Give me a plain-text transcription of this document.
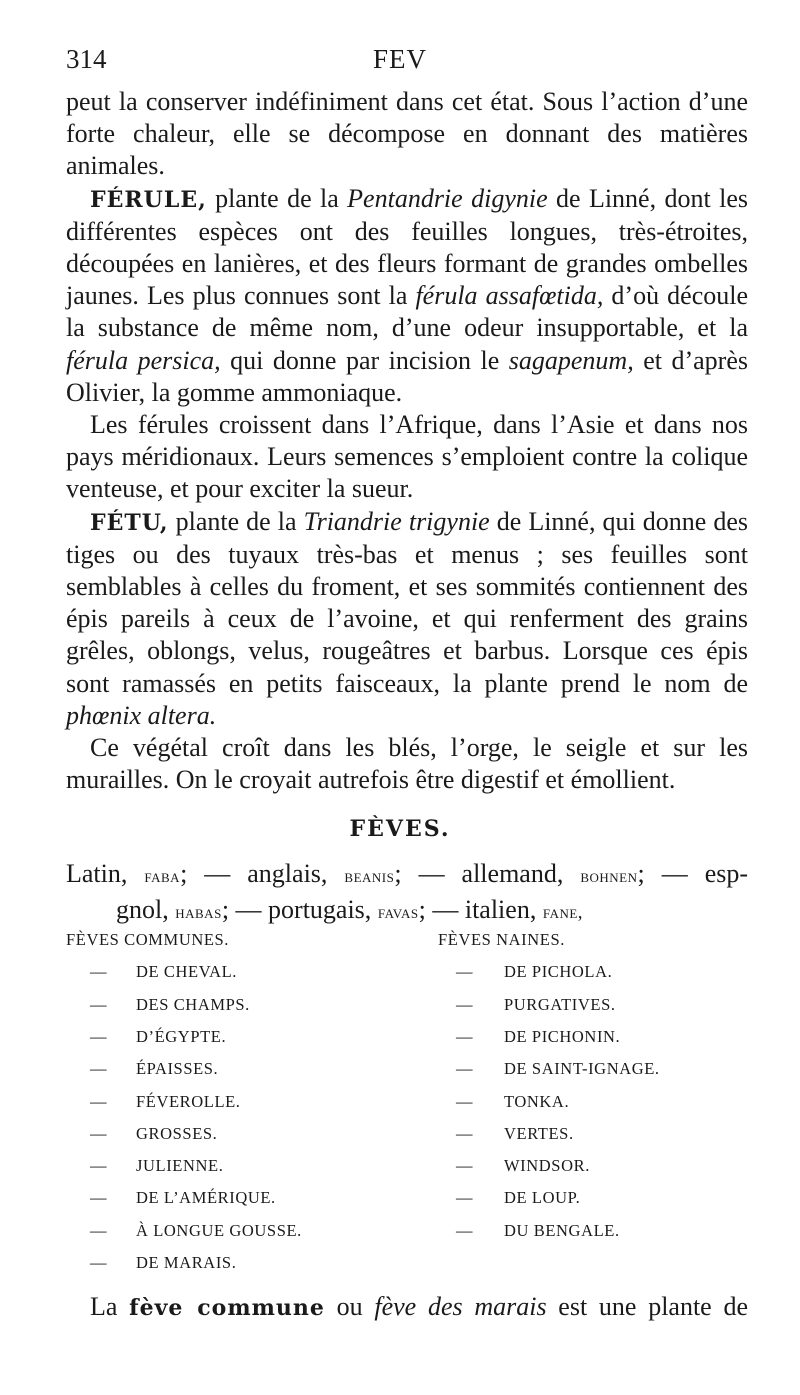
314	FEV

peut la conserver indéfiniment dans cet état. Sous l’action d’une forte chaleur, elle se décompose en donnant des matières animales.

FÉRULE, plante de la Pentandrie digynie de Linné, dont les différentes espèces ont des feuilles longues, très-étroites, découpées en lanières, et des fleurs formant de grandes ombelles jaunes. Les plus connues sont la férula assafœtida, d’où découle la substance de même nom, d’une odeur insupportable, et la férula persica, qui donne par incision le sagapenum, et d’après Olivier, la gomme ammoniaque.

Les férules croissent dans l’Afrique, dans l’Asie et dans nos pays méridionaux. Leurs semences s’emploient contre la colique venteuse, et pour exciter la sueur.

FÉTU, plante de la Triandrie trigynie de Linné, qui donne des tiges ou des tuyaux très-bas et menus ; ses feuilles sont semblables à celles du froment, et ses sommités contiennent des épis pareils à ceux de l’avoine, et qui renferment des grains grêles, oblongs, velus, rougeâtres et barbus. Lorsque ces épis sont ramassés en petits faisceaux, la plante prend le nom de phœnix altera.

Ce végétal croît dans les blés, l’orge, le seigle et sur les murailles. On le croyait autrefois être digestif et émollient.

FÈVES.
Latin, faba; — anglais, beanis; — allemand, bohnen; — esp-
gnol, habas; — portugais, favas; — italien, fane,
FÈVES COMMUNES.	FÈVES NAINES.
— DE CHEVAL.	— DE PICHOLA.
— DES CHAMPS.	— PURGATIVES.
— D’ÉGYPTE.	— DE PICHONIN.
— ÉPAISSES.	— DE SAINT-IGNAGE.
— FÉVEROLLE.	— TONKA.
— GROSSES.	— VERTES.
— JULIENNE.	— WINDSOR.
— DE L’AMÉRIQUE.	— DE LOUP.
— À LONGUE GOUSSE.	— DU BENGALE.
— DE MARAIS.
La fève commune ou fève des marais est une plante de
